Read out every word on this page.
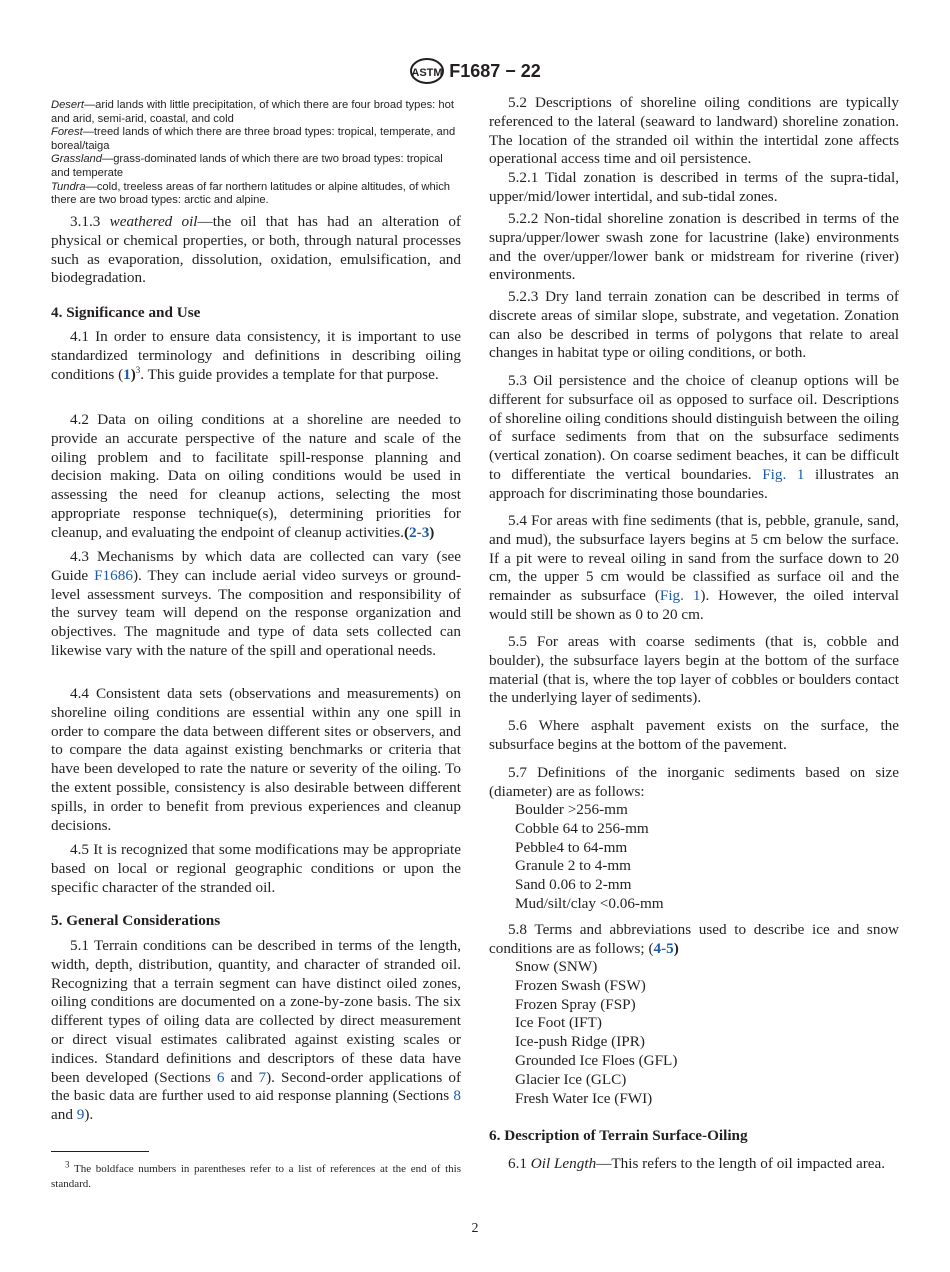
ASTM F1687 − 22
Desert—arid lands with little precipitation, of which there are four broad types: hot and arid, semi-arid, coastal, and cold
Forest—treed lands of which there are three broad types: tropical, temperate, and boreal/taiga
Grassland—grass-dominated lands of which there are two broad types: tropical and temperate
Tundra—cold, treeless areas of far northern latitudes or alpine altitudes, of which there are two broad types: arctic and alpine.

3.1.3 weathered oil—the oil that has had an alteration of physical or chemical properties, or both, through natural processes such as evaporation, dissolution, oxidation, emulsification, and biodegradation.

4. Significance and Use

4.1 In order to ensure data consistency, it is important to use standardized terminology and definitions in describing oiling conditions $(1)^3$. This guide provides a template for that purpose.

4.2 Data on oiling conditions at a shoreline are needed to provide an accurate perspective of the nature and scale of the oiling problem and to facilitate spill-response planning and decision making. Data on oiling conditions would be used in assessing the need for cleanup actions, selecting the most appropriate response technique(s), determining priorities for cleanup, and evaluating the endpoint of cleanup activities.(2-3)

4.3 Mechanisms by which data are collected can vary (see Guide F1686). They can include aerial video surveys or ground-level assessment surveys. The composition and responsibility of the survey team will depend on the response organization and objectives. The magnitude and type of data sets collected can likewise vary with the nature of the spill and operational needs.

4.4 Consistent data sets (observations and measurements) on shoreline oiling conditions are essential within any one spill in order to compare the data between different sites or observers, and to compare the data against existing benchmarks or criteria that have been developed to rate the nature or severity of the oiling. To the extent possible, consistency is also desirable between different spills, in order to benefit from previous experiences and cleanup decisions.

4.5 It is recognized that some modifications may be appropriate based on local or regional geographic conditions or upon the specific character of the stranded oil.

5. General Considerations

5.1 Terrain conditions can be described in terms of the length, width, depth, distribution, quantity, and character of stranded oil. Recognizing that a terrain segment can have distinct oiled zones, oiling conditions are documented on a zone-by-zone basis. The six different types of oiling data are collected by direct measurement or direct visual estimates calibrated against existing scales or indices. Standard definitions and descriptors of these data have been developed (Sections 6 and 7). Second-order applications of the basic data are further used to aid response planning (Sections 8 and 9).

$^3$ The boldface numbers in parentheses refer to a list of references at the end of this standard.

5.2 Descriptions of shoreline oiling conditions are typically referenced to the lateral (seaward to landward) shoreline zonation. The location of the stranded oil within the intertidal zone affects operational access time and oil persistence.

5.2.1 Tidal zonation is described in terms of the supra-tidal, upper/mid/lower intertidal, and sub-tidal zones.

5.2.2 Non-tidal shoreline zonation is described in terms of the supra/upper/lower swash zone for lacustrine (lake) environments and the over/upper/lower bank or midstream for riverine (river) environments.

5.2.3 Dry land terrain zonation can be described in terms of discrete areas of similar slope, substrate, and vegetation. Zonation can also be described in terms of polygons that relate to areal changes in habitat type or oiling conditions, or both.

5.3 Oil persistence and the choice of cleanup options will be different for subsurface oil as opposed to surface oil. Descriptions of shoreline oiling conditions should distinguish between the oiling of surface sediments from that on the subsurface sediments (vertical zonation). On coarse sediment beaches, it can be difficult to differentiate the vertical boundaries. Fig. 1 illustrates an approach for discriminating those boundaries.

5.4 For areas with fine sediments (that is, pebble, granule, sand, and mud), the subsurface layers begins at 5 cm below the surface. If a pit were to reveal oiling in sand from the surface down to 20 cm, the upper 5 cm would be classified as surface oil and the remainder as subsurface (Fig. 1). However, the oiled interval would still be shown as 0 to 20 cm.

5.5 For areas with coarse sediments (that is, cobble and boulder), the subsurface layers begin at the bottom of the surface material (that is, where the top layer of cobbles or boulders contact the underlying layer of sediments).

5.6 Where asphalt pavement exists on the surface, the subsurface begins at the bottom of the pavement.

5.7 Definitions of the inorganic sediments based on size (diameter) are as follows:

Boulder >256-mm
Cobble 64 to 256-mm
Pebble4 to 64-mm
Granule 2 to 4-mm
Sand 0.06 to 2-mm
Mud/silt/clay <0.06-mm

5.8 Terms and abbreviations used to describe ice and snow conditions are as follows; (4-5)

Snow (SNW)
Frozen Swash (FSW)
Frozen Spray (FSP)
Ice Foot (IFT)
Ice-push Ridge (IPR)
Grounded Ice Floes (GFL)
Glacier Ice (GLC)
Fresh Water Ice (FWI)

6. Description of Terrain Surface-Oiling

6.1 Oil Length—This refers to the length of oil impacted area.

2
